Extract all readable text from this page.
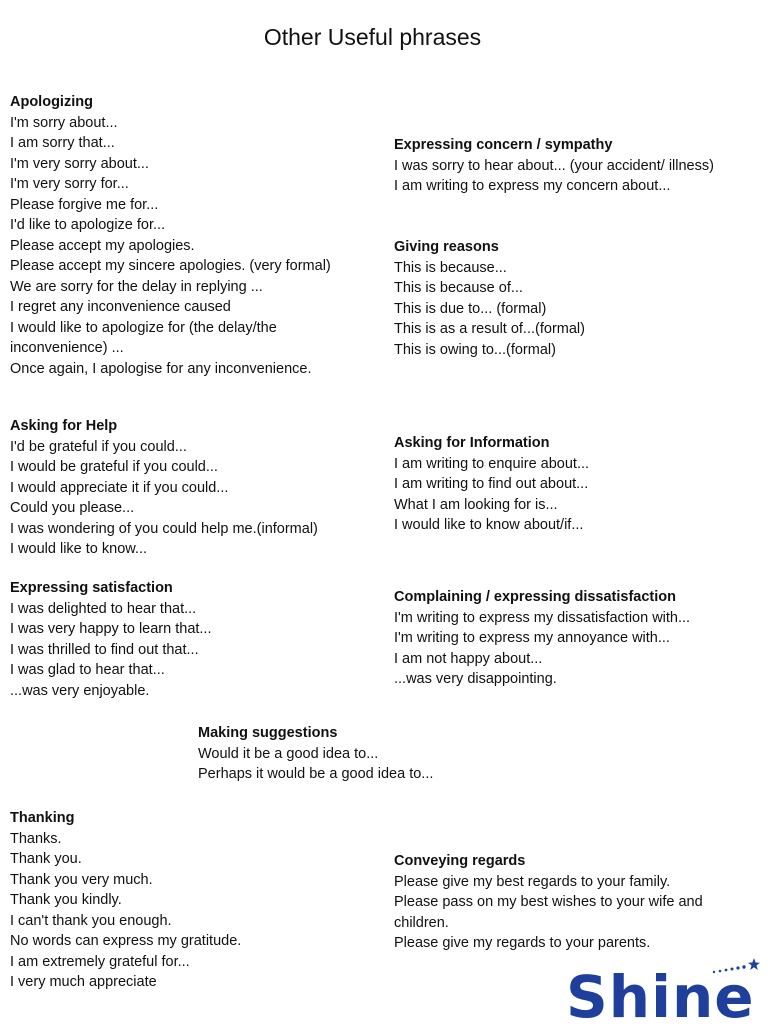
Other Useful phrases
Apologizing
I'm sorry about...
I am sorry that...
I'm very sorry about...
I'm very sorry for...
Please forgive me for...
I'd like to apologize for...
Please accept my apologies.
Please accept my sincere apologies. (very formal)
We are sorry for the delay in replying ...
I regret any inconvenience caused
I would like to apologize for (the delay/the inconvenience) ...
Once again, I apologise for any inconvenience.
Expressing concern / sympathy
I was sorry to hear about... (your accident/ illness)
I am writing to express my concern about...
Giving reasons
This is because...
This is because of...
This is due to... (formal)
This is as a result of...(formal)
This is owing to...(formal)
Asking for Help
I'd be grateful if you could...
I would be grateful if you could...
I would appreciate it if you could...
Could you please...
I was wondering of you could help me.(informal)
I would like to know...
Asking for Information
I am writing to enquire about...
I am writing to find out about...
What I am looking for is...
I would like to know about/if...
Expressing satisfaction
I was delighted to hear that...
I was very happy to learn that...
I was thrilled to find out that...
I was glad to hear that...
...was very enjoyable.
Complaining / expressing dissatisfaction
I'm writing to express my dissatisfaction with...
I'm writing to express my annoyance with...
I am not happy about...
...was very disappointing.
Making suggestions
Would it be a good idea to...
Perhaps it would be a good idea to...
Thanking
Thanks.
Thank you.
Thank you very much.
Thank you kindly.
I can't thank you enough.
No words can express my gratitude.
I am extremely grateful for...
I very much appreciate
Conveying regards
Please give my best regards to your family.
Please pass on my best wishes to your wife and children.
Please give my regards to your parents.
Shine
